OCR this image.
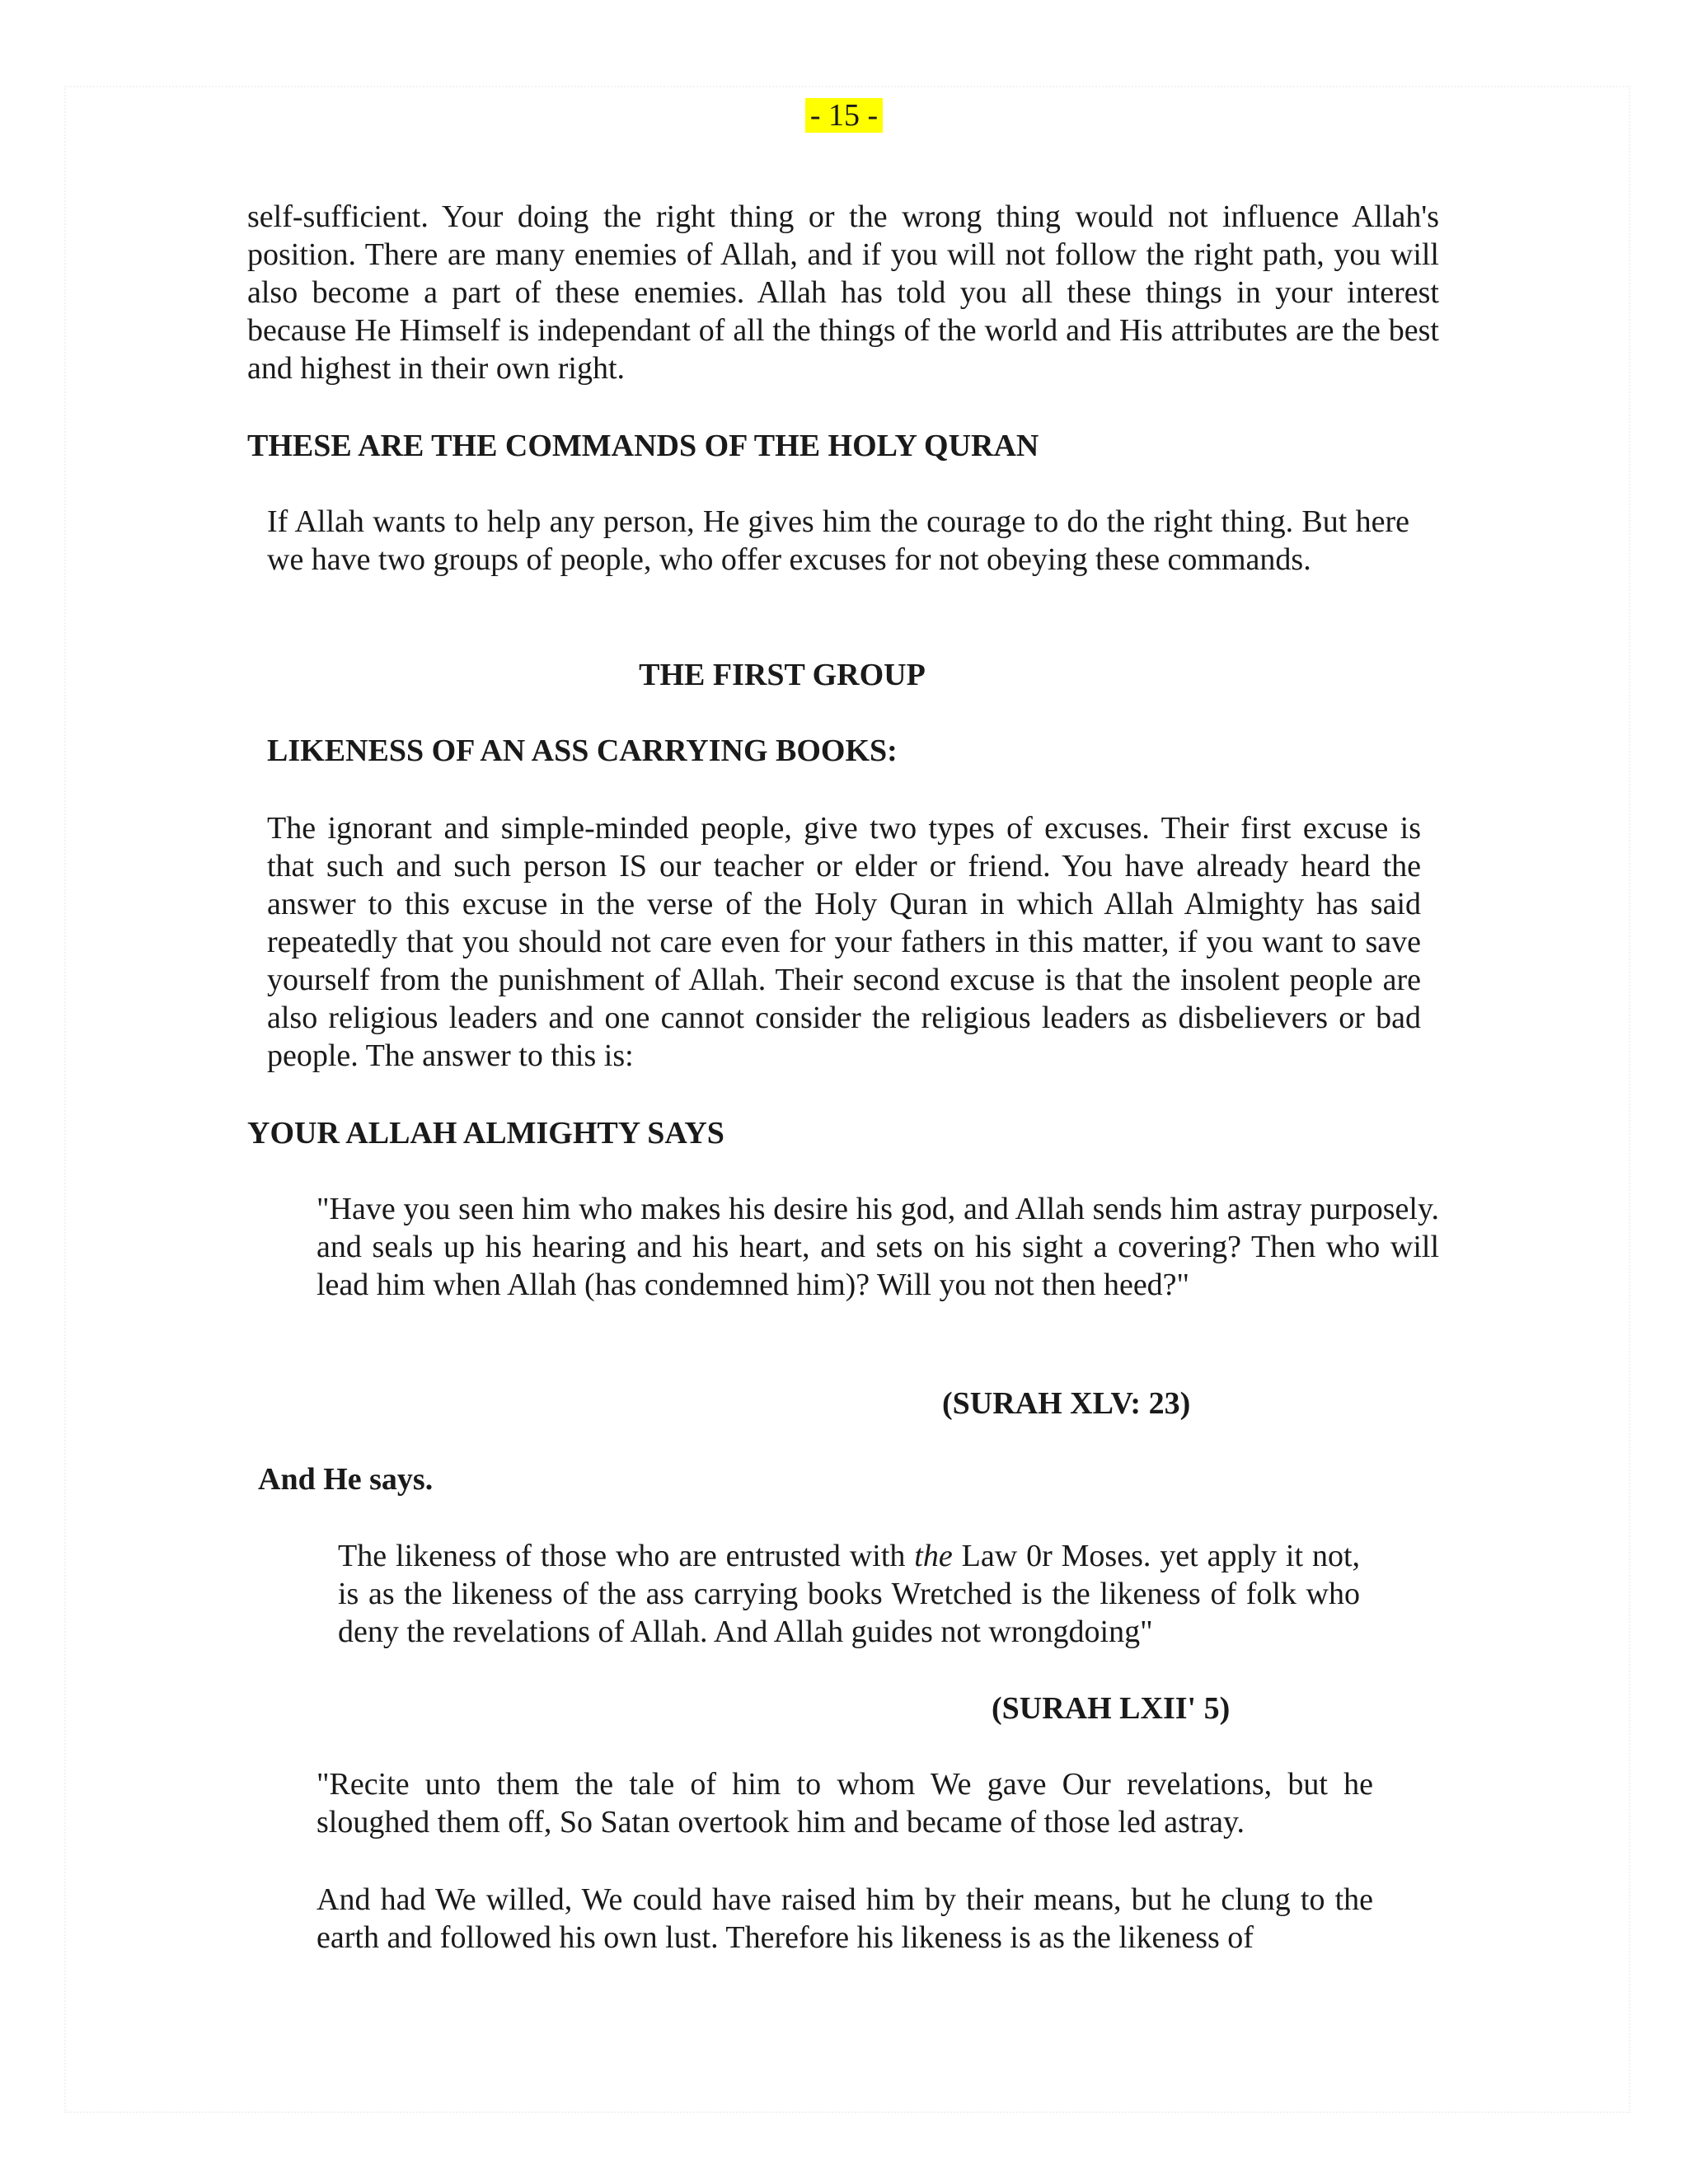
- 15 -

self-sufficient. Your doing the right thing or the wrong thing would not influence Allah's position. There are many enemies of Allah, and if you will not follow the right path, you will also become a part of these enemies. Allah has told you all these things in your interest because He Himself is independant of all the things of the world and His attributes are the best and highest in their own right.

THESE ARE THE COMMANDS OF THE HOLY QURAN

If Allah wants to help any person, He gives him the courage to do the right thing. But here we have two groups of people, who offer excuses for not obeying these commands.

THE FIRST GROUP

LIKENESS OF AN ASS CARRYING BOOKS:

The ignorant and simple-minded people, give two types of excuses. Their first excuse is that such and such person IS our teacher or elder or friend. You have already heard the answer to this excuse in the verse of the Holy Quran in which Allah Almighty has said repeatedly that you should not care even for your fathers in this matter, if you want to save yourself from the punishment of Allah. Their second excuse is that the insolent people are also religious leaders and one cannot consider the religious leaders as disbelievers or bad people. The answer to this is:

YOUR ALLAH ALMIGHTY SAYS

"Have you seen him who makes his desire his god, and Allah sends him astray purposely. and seals up his hearing and his heart, and sets on his sight a covering? Then who will lead him when Allah (has condemned him)? Will you not then heed?"

(SURAH XLV: 23)

And He says.

The likeness of those who are entrusted with the Law 0r Moses. yet apply it not, is as the likeness of the ass carrying books Wretched is the likeness of folk who deny the revelations of Allah. And Allah guides not wrongdoing"

(SURAH LXII' 5)

"Recite unto them the tale of him to whom We gave Our revelations, but he sloughed them off, So Satan overtook him and became of those led astray.

And had We willed, We could have raised him by their means, but he clung to the earth and followed his own lust. Therefore his likeness is as the likeness of
